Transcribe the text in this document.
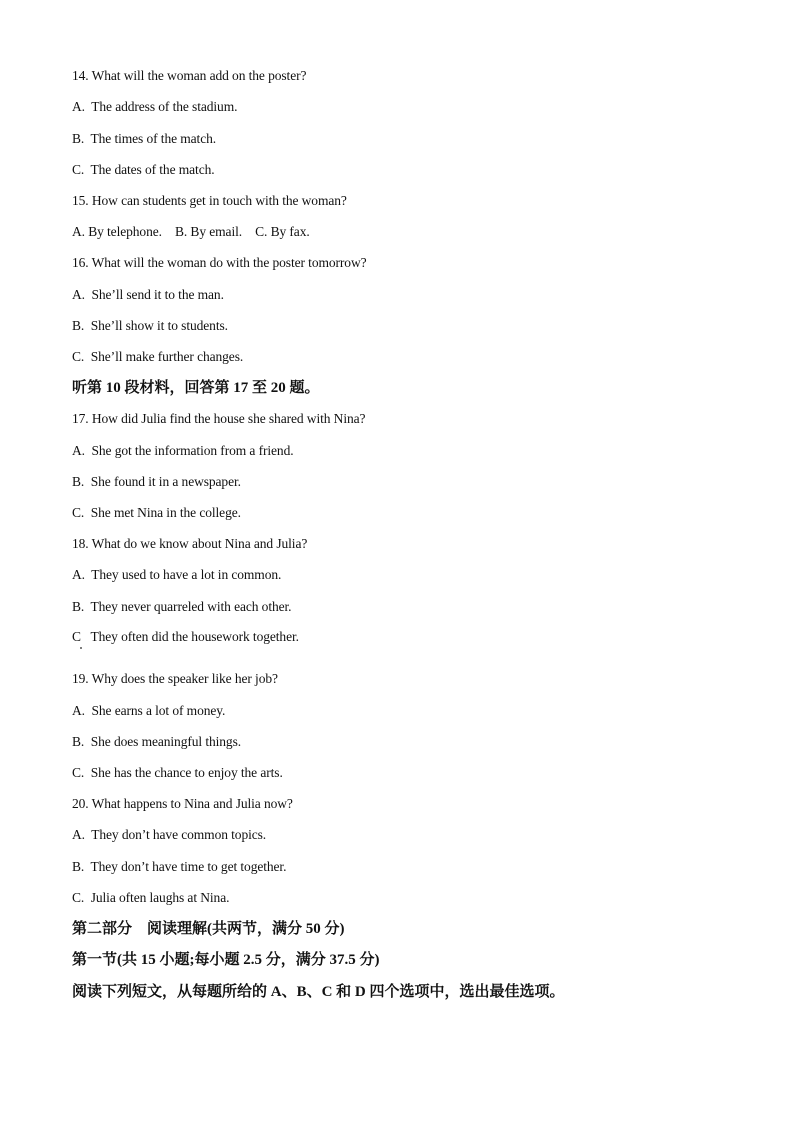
14. What will the woman add on the poster?
A.  The address of the stadium.
B.  The times of the match.
C.  The dates of the match.
15. How can students get in touch with the woman?
A. By telephone.    B. By email.    C. By fax.
16. What will the woman do with the poster tomorrow?
A.  She’ll send it to the man.
B.  She’ll show it to students.
C.  She’ll make further changes.
听第 10 段材料，回答第 17 至 20 题。
17. How did Julia find the house she shared with Nina?
A.  She got the information from a friend.
B.  She found it in a newspaper.
C.  She met Nina in the college.
18. What do we know about Nina and Julia?
A.  They used to have a lot in common.
B.  They never quarreled with each other.
C   They often did the housework together.
19. Why does the speaker like her job?
A.  She earns a lot of money.
B.  She does meaningful things.
C.  She has the chance to enjoy the arts.
20. What happens to Nina and Julia now?
A.  They don’t have common topics.
B.  They don’t have time to get together.
C.  Julia often laughs at Nina.
第二部分    阅读理解(共两节，满分 50 分)
第一节(共 15 小题;每小题 2.5 分，满分 37.5 分)
阅读下列短文，从每题所给的 A、B、C 和 D 四个选项中，选出最佳选项。
